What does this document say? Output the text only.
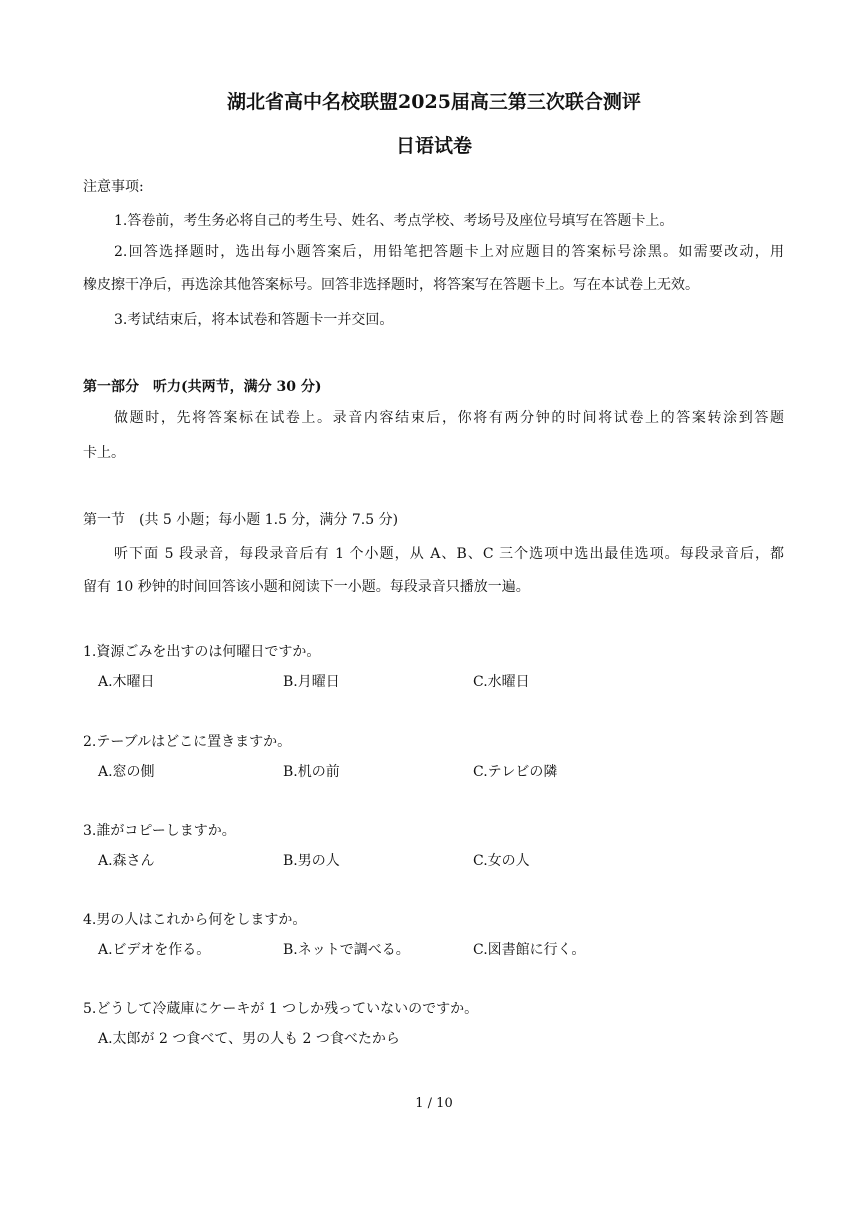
湖北省高中名校联盟2025届高三第三次联合测评
日语试卷
注意事项:
1.答卷前，考生务必将自己的考生号、姓名、考点学校、考场号及座位号填写在答题卡上。
2.回答选择题时，选出每小题答案后，用铅笔把答题卡上对应题目的答案标号涂黑。如需要改动，用
橡皮擦干净后，再选涂其他答案标号。回答非选择题时，将答案写在答题卡上。写在本试卷上无效。
3.考试结束后，将本试卷和答题卡一并交回。
第一部分　听力(共两节，满分 30 分)
做题时，先将答案标在试卷上。录音内容结束后，你将有两分钟的时间将试卷上的答案转涂到答题
卡上。
第一节　(共 5 小题；每小题 1.5 分，满分 7.5 分)
听下面 5 段录音，每段录音后有 1 个小题，从 A、B、C 三个选项中选出最佳选项。每段录音后，都
留有 10 秒钟的时间回答该小题和阅读下一小题。每段录音只播放一遍。
1.資源ごみを出すのは何曜日ですか。
A.木曜日	B.月曜日	C.水曜日
2.テーブルはどこに置きますか。
A.窓の側	B.机の前	C.テレビの隣
3.誰がコピーしますか。
A.森さん	B.男の人	C.女の人
4.男の人はこれから何をしますか。
A.ビデオを作る。	B.ネットで調べる。	C.図書館に行く。
5.どうして冷蔵庫にケーキが 1 つしか残っていないのですか。
A.太郎が 2 つ食べて、男の人も 2 つ食べたから
1 / 10
